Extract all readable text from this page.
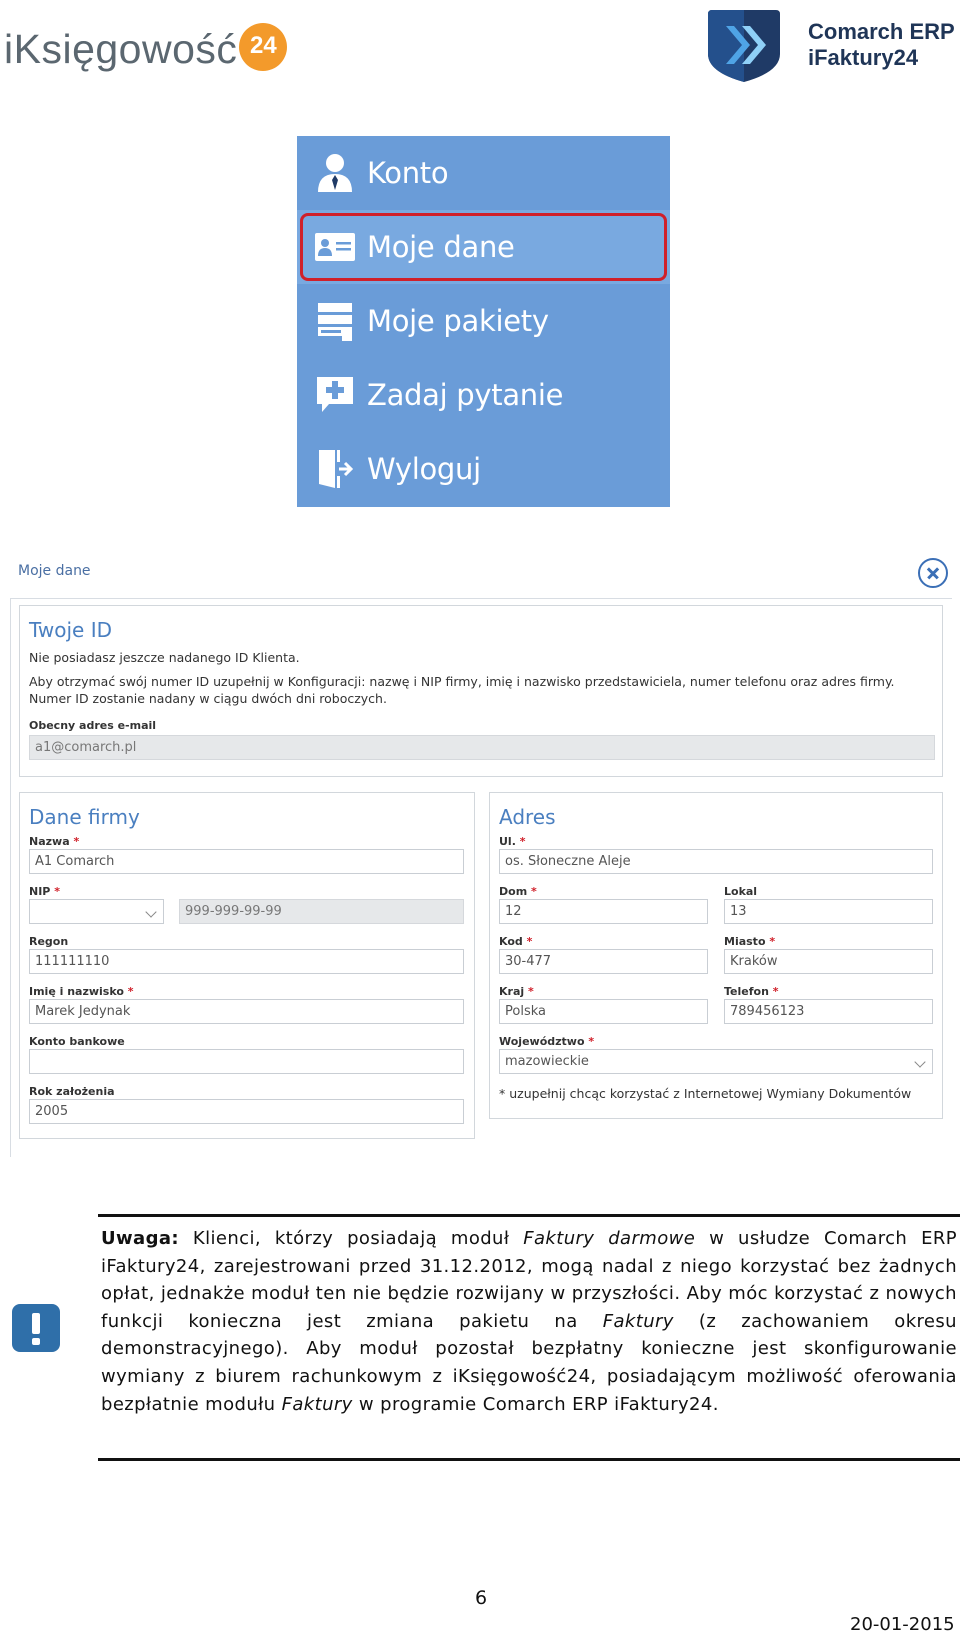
iKsięgowość 24
Comarch ERP
iFaktury24
Konto
Moje dane
Moje pakiety
Zadaj pytanie
Wyloguj
Moje dane
Twoje ID
Nie posiadasz jeszcze nadanego ID Klienta.
Aby otrzymać swój numer ID uzupełnij w Konfiguracji: nazwę i NIP firmy, imię i nazwisko przedstawiciela, numer telefonu oraz adres firmy.
Numer ID zostanie nadany w ciągu dwóch dni roboczych.
Obecny adres e-mail
a1@comarch.pl
Dane firmy
Nazwa *
A1 Comarch
NIP *
999-999-99-99
Regon
111111110
Imię i nazwisko *
Marek Jedynak
Konto bankowe
Rok założenia
2005
Adres
Ul. *
os. Słoneczne Aleje
Dom *
12
Lokal
13
Kod *
30-477
Miasto *
Kraków
Kraj *
Polska
Telefon *
789456123
Województwo *
mazowieckie
* uzupełnij chcąc korzystać z Internetowej Wymiany Dokumentów
Uwaga: Klienci, którzy posiadają moduł Faktury darmowe w usłudze Comarch ERP iFaktury24, zarejestrowani przed 31.12.2012, mogą nadal z niego korzystać bez żadnych opłat, jednakże moduł ten nie będzie rozwijany w przyszłości. Aby móc korzystać z nowych funkcji konieczna jest zmiana pakietu na Faktury (z zachowaniem okresu demonstracyjnego). Aby moduł pozostał bezpłatny konieczne jest skonfigurowanie wymiany z biurem rachunkowym z iKsięgowość24, posiadającym możliwość oferowania bezpłatnie modułu Faktury w programie Comarch ERP iFaktury24.
6
20-01-2015
